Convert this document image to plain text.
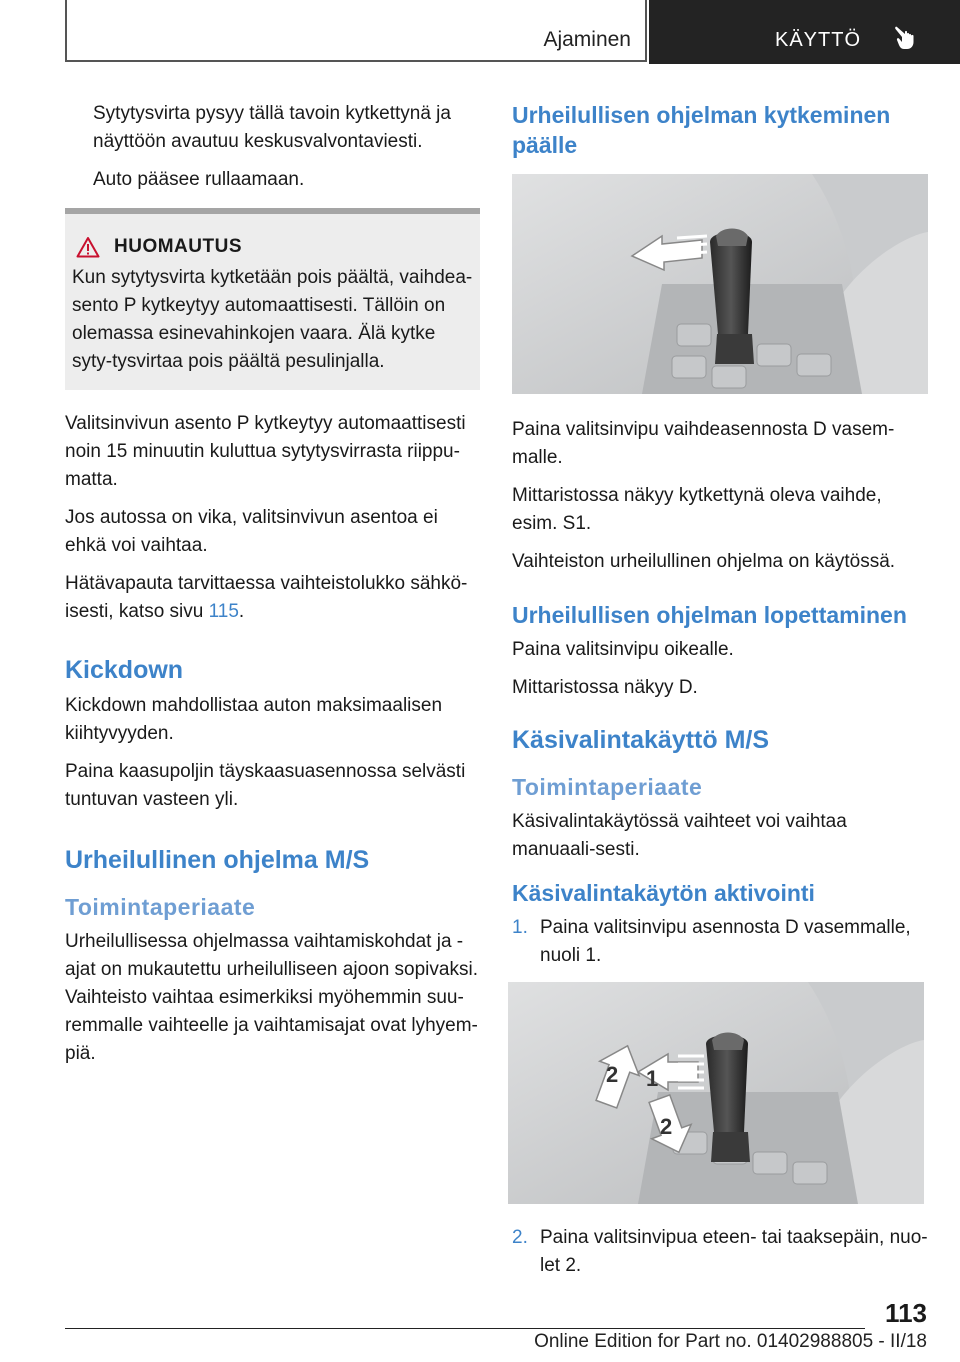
Ajaminen	KÄYTTÖ

Sytytysvirta pysyy tällä tavoin kytkettynä ja näyttöön avautuu keskusvalvontaviesti.

Auto pääsee rullaamaan.

HUOMAUTUS

Kun sytytysvirta kytketään pois päältä, vaihdea-sento P kytkeytyy automaattisesti. Tällöin on olemassa esinevahinkojen vaara. Älä kytke syty-tysvirtaa pois päältä pesulinjalla.

Valitsinvivun asento P kytkeytyy automaattisesti noin 15 minuutin kuluttua sytytysvirrasta riippu-matta.

Jos autossa on vika, valitsinvivun asentoa ei ehkä voi vaihtaa.

Hätävapauta tarvittaessa vaihteistolukko sähkö-isesti, katso sivu 115.

Kickdown

Kickdown mahdollistaa auton maksimaalisen kiihtyvyyden.

Paina kaasupoljin täyskaasuasennossa selvästi tuntuvan vasteen yli.

Urheilullinen ohjelma M/S
Toimintaperiaate

Urheilullisessa ohjelmassa vaihtamiskohdat ja -ajat on mukautettu urheilulliseen ajoon sopivaksi. Vaihteisto vaihtaa esimerkiksi myöhemmin suu-remmalle vaihteelle ja vaihtamisajat ovat lyhyem-piä.

Urheilullisen ohjelman kytkeminen päälle

Paina valitsinvipu vaihdeasennosta D vasem-malle.

Mittaristossa näkyy kytkettynä oleva vaihde, esim. S1.

Vaihteiston urheilullinen ohjelma on käytössä.

Urheilullisen ohjelman lopettaminen

Paina valitsinvipu oikealle.

Mittaristossa näkyy D.

Käsivalintakäyttö M/S
Toimintaperiaate

Käsivalintakäytössä vaihteet voi vaihtaa manuaali-sesti.

Käsivalintakäytön aktivointi
1. Paina valitsinvipu asennosta D vasemmalle, nuoli 1.
1
2
2
2. Paina valitsinvipua eteen- tai taaksepäin, nuo-let 2.
113
Online Edition for Part no. 01402988805 - II/18
